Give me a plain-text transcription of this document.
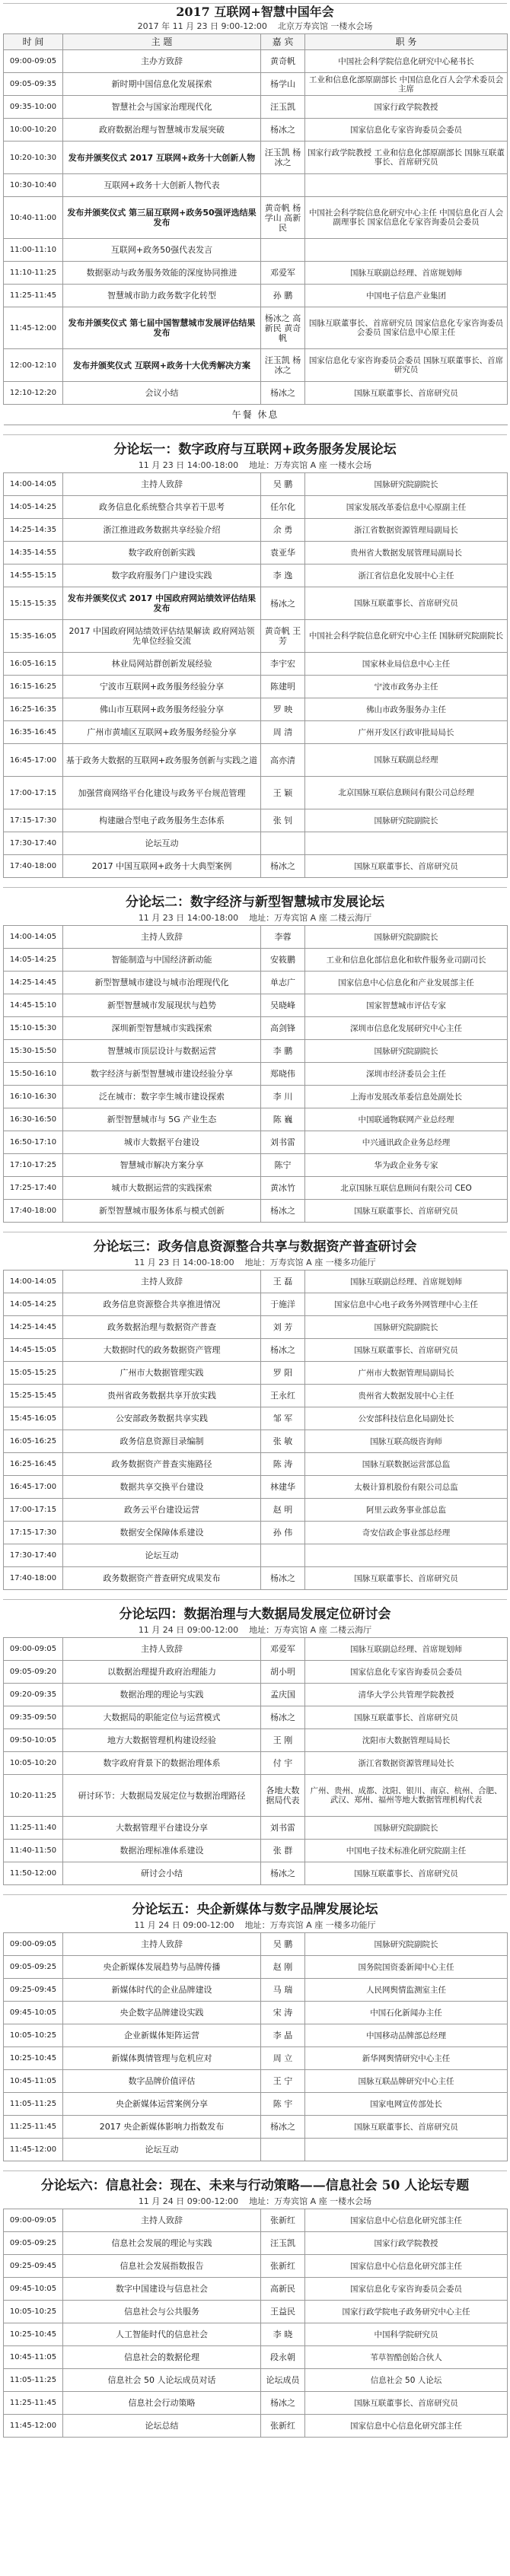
2017 互联网+智慧中国年会
2017 年 11 月 23 日 9:00-12:00 北京万寿宾馆 一楼水会场
时 间	主 题	嘉 宾	职 务
09:00-09:05	主办方致辞	黄奇帆	中国社会科学院信息化研究中心秘书长
09:05-09:35	新时期中国信息化发展探索	杨学山	工业和信息化部原副部长 中国信息化百人会学术委员会主席
09:35-10:00	智慧社会与国家治理现代化	汪玉凯	国家行政学院教授
10:00-10:20	政府数据治理与智慧城市发展突破	杨冰之	国家信息化专家咨询委员会委员
10:20-10:30	发布并颁奖仪式 2017 互联网+政务十大创新人物	汪玉凯 杨冰之	国家行政学院教授 工业和信息化部原副部长 国脉互联董事长、首席研究员
10:30-10:40	互联网+政务十大创新人物代表		
10:40-11:00	发布并颁奖仪式 第三届互联网+政务50强评选结果发布	黄奇帆 杨学山 高新民	中国社会科学院信息化研究中心主任 中国信息化百人会副理事长 国家信息化专家咨询委员会委员
11:00-11:10	互联网+政务50强代表发言		
11:10-11:25	数据驱动与政务服务效能的深度协同推进	邓爱军	国脉互联副总经理、首席规划师
11:25-11:45	智慧城市助力政务数字化转型	孙 鹏	中国电子信息产业集团
11:45-12:00	发布并颁奖仪式 第七届中国智慧城市发展评估结果发布	杨冰之 高新民 黄奇帆	国脉互联董事长、首席研究员 国家信息化专家咨询委员会委员 国家信息中心原主任
12:00-12:10	发布并颁奖仪式 互联网+政务十大优秀解决方案	汪玉凯 杨冰之	国家信息化专家咨询委员会委员 国脉互联董事长、首席研究员
12:10-12:20	会议小结	杨冰之	国脉互联董事长、首席研究员
午餐 休息			
分论坛一：数字政府与互联网+政务服务发展论坛
11 月 23 日 14:00-18:00 地址：万寿宾馆 A 座 一楼水会场
14:00-14:05	主持人致辞	吴 鹏	国脉研究院副院长
14:05-14:25	政务信息化系统整合共享若干思考	任尔化	国家发展改革委信息中心原副主任
14:25-14:35	浙江推进政务数据共享经验介绍	余 勇	浙江省数据资源管理局副局长
14:35-14:55	数字政府创新实践	袁亚华	贵州省大数据发展管理局副局长
14:55-15:15	数字政府服务门户建设实践	李 逸	浙江省信息化发展中心主任
15:15-15:35	发布并颁奖仪式 2017 中国政府网站绩效评估结果发布	杨冰之	国脉互联董事长、首席研究员
15:35-16:05	2017 中国政府网站绩效评估结果解读 政府网站领先单位经验交流	黄奇帆 王芳	中国社会科学院信息化研究中心主任 国脉研究院副院长
16:05-16:15	林业局网站群创新发展经验	李宇宏	国家林业局信息中心主任
16:15-16:25	宁波市互联网+政务服务经验分享	陈建明	宁波市政务办主任
16:25-16:35	佛山市互联网+政务服务经验分享	罗 映	佛山市政务服务办主任
16:35-16:45	广州市黄埔区互联网+政务服务经验分享	周 清	广州开发区行政审批局局长
16:45-17:00	基于政务大数据的互联网+政务服务创新与实践之道	高亦清	国脉互联副总经理
17:00-17:15	加强营商网络平台化建设与政务平台规范管理	王 颖	北京国脉互联信息顾问有限公司总经理
17:15-17:30	构建融合型电子政务服务生态体系	张 钊	国脉研究院副院长
17:30-17:40	论坛互动		
17:40-18:00	2017 中国互联网+政务十大典型案例	杨冰之	国脉互联董事长、首席研究员
分论坛二：数字经济与新型智慧城市发展论坛
11 月 23 日 14:00-18:00 地址：万寿宾馆 A 座 二楼云海厅
14:00-14:05	主持人致辞	李蓉	国脉研究院副院长
14:05-14:25	智能制造与中国经济新动能	安筱鹏	工业和信息化部信息化和软件服务业司副司长
14:25-14:45	新型智慧城市建设与城市治理现代化	单志广	国家信息中心信息化和产业发展部主任
14:45-15:10	新型智慧城市发展现状与趋势	吴晓峰	国家智慧城市评估专家
15:10-15:30	深圳新型智慧城市实践探索	高剑锋	深圳市信息化发展研究中心主任
15:30-15:50	智慧城市顶层设计与数据运营	李 鹏	国脉研究院副院长
15:50-16:10	数字经济与新型智慧城市建设经验分享	郑晓伟	深圳市经济委员会主任
16:10-16:30	泛在城市：数字孪生城市建设探索	李 川	上海市发展改革委信息处副处长
16:30-16:50	新型智慧城市与 5G 产业生态	陈 巍	中国联通物联网产业总经理
16:50-17:10	城市大数据平台建设	刘书雷	中兴通讯政企业务总经理
17:10-17:25	智慧城市解决方案分享	陈宁	华为政企业务专家
17:25-17:40	城市大数据运营的实践探索	黄冰竹	北京国脉互联信息顾问有限公司 CEO
17:40-18:00	新型智慧城市服务体系与模式创新	杨冰之	国脉互联董事长、首席研究员
分论坛三：政务信息资源整合共享与数据资产普查研讨会
11 月 23 日 14:00-18:00 地址：万寿宾馆 A 座 一楼多功能厅
14:00-14:05	主持人致辞	王 磊	国脉互联副总经理、首席规划师
14:05-14:25	政务信息资源整合共享推进情况	于施洋	国家信息中心电子政务外网管理中心主任
14:25-14:45	政务数据治理与数据资产普查	刘 芳	国脉研究院副院长
14:45-15:05	大数据时代的政务数据资产管理	杨冰之	国脉互联董事长、首席研究员
15:05-15:25	广州市大数据管理实践	罗 阳	广州市大数据管理局副局长
15:25-15:45	贵州省政务数据共享开放实践	王永红	贵州省大数据发展中心主任
15:45-16:05	公安部政务数据共享实践	邹 军	公安部科技信息化局副处长
16:05-16:25	政务信息资源目录编制	张 敏	国脉互联高级咨询师
16:25-16:45	政务数据资产普查实施路径	陈 涛	国脉互联数据运营部总监
16:45-17:00	数据共享交换平台建设	林建华	太极计算机股份有限公司总监
17:00-17:15	政务云平台建设运营	赵 明	阿里云政务事业部总监
17:15-17:30	数据安全保障体系建设	孙 伟	奇安信政企事业部总经理
17:30-17:40	论坛互动		
17:40-18:00	政务数据资产普查研究成果发布	杨冰之	国脉互联董事长、首席研究员
分论坛四：数据治理与大数据局发展定位研讨会
11 月 24 日 09:00-12:00 地址：万寿宾馆 A 座 二楼云海厅
09:00-09:05	主持人致辞	邓爱军	国脉互联副总经理、首席规划师
09:05-09:20	以数据治理提升政府治理能力	胡小明	国家信息化专家咨询委员会委员
09:20-09:35	数据治理的理论与实践	孟庆国	清华大学公共管理学院教授
09:35-09:50	大数据局的职能定位与运营模式	杨冰之	国脉互联董事长、首席研究员
09:50-10:05	地方大数据管理机构建设经验	王 刚	沈阳市大数据管理局局长
10:05-10:20	数字政府背景下的数据治理体系	付 宇	浙江省数据资源管理局处长
10:20-11:25	研讨环节：大数据局发展定位与数据治理路径	各地大数据局代表	广州、贵州、成都、沈阳、银川、南京、杭州、合肥、武汉、郑州、福州等地大数据管理机构代表
11:25-11:40	大数据管理平台建设分享	刘书雷	国脉研究院副院长
11:40-11:50	数据治理标准体系建设	张 群	中国电子技术标准化研究院副主任
11:50-12:00	研讨会小结	杨冰之	国脉互联董事长、首席研究员
分论坛五：央企新媒体与数字品牌发展论坛
11 月 24 日 09:00-12:00 地址：万寿宾馆 A 座 一楼多功能厅
09:00-09:05	主持人致辞	吴 鹏	国脉研究院副院长
09:05-09:25	央企新媒体发展趋势与品牌传播	赵 刚	国务院国资委新闻中心主任
09:25-09:45	新媒体时代的企业品牌建设	马 瑞	人民网舆情监测室主任
09:45-10:05	央企数字品牌建设实践	宋 涛	中国石化新闻办主任
10:05-10:25	企业新媒体矩阵运营	李 晶	中国移动品牌部总经理
10:25-10:45	新媒体舆情管理与危机应对	周 立	新华网舆情研究中心主任
10:45-11:05	数字品牌价值评估	王 宁	国脉互联品牌研究中心主任
11:05-11:25	央企新媒体运营案例分享	陈 宇	国家电网宣传部处长
11:25-11:45	2017 央企新媒体影响力指数发布	杨冰之	国脉互联董事长、首席研究员
11:45-12:00	论坛互动		
分论坛六：信息社会：现在、未来与行动策略——信息社会 50 人论坛专题
11 月 24 日 09:00-12:00 地址：万寿宾馆 A 座 一楼水会场
09:00-09:05	主持人致辞	张新红	国家信息中心信息化研究部主任
09:05-09:25	信息社会发展的理论与实践	汪玉凯	国家行政学院教授
09:25-09:45	信息社会发展指数报告	张新红	国家信息中心信息化研究部主任
09:45-10:05	数字中国建设与信息社会	高新民	国家信息化专家咨询委员会委员
10:05-10:25	信息社会与公共服务	王益民	国家行政学院电子政务研究中心主任
10:25-10:45	人工智能时代的信息社会	李 晓	中国科学院研究员
10:45-11:05	信息社会的数据伦理	段永朝	苇草智酷创始合伙人
11:05-11:25	信息社会 50 人论坛成员对话	论坛成员	信息社会 50 人论坛
11:25-11:45	信息社会行动策略	杨冰之	国脉互联董事长、首席研究员
11:45-12:00	论坛总结	张新红	国家信息中心信息化研究部主任
